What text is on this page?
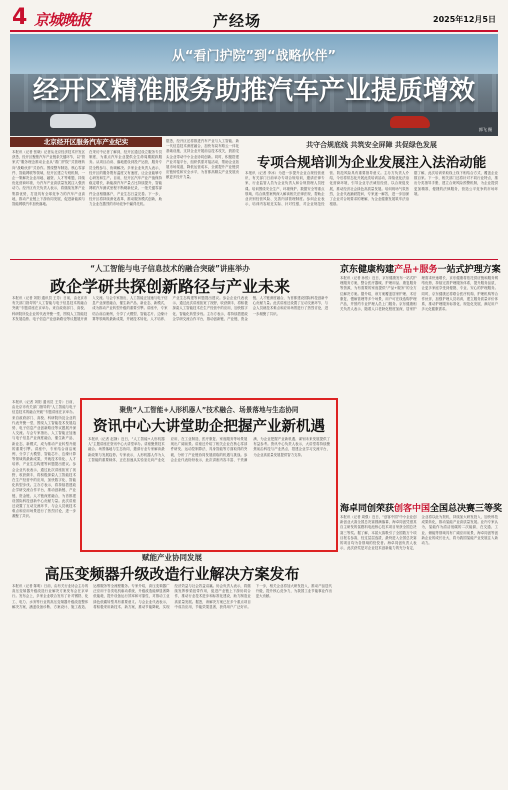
4 京城晚报	产经场	2025年12月5日
从“看门护院”到“战略伙伴”
经开区精准服务助推汽车产业提质增效
郭飞 摄
北京经开区服务汽车产业纪实
本报讯（记者 张晓）记者从北京经济技术开发区获悉，经开区聚焦汽车产业链条关键环节，以“管家式”服务理念推动企业从“看门护院”式管理转向“战略伙伴”式协作。围绕整车制造、核心零部件、智能网联等领域，经开区建立专班机制，一企一策解决企业用地、融资、人才等难题，持续优化营商环境，为汽车产业高质量发展注入强劲动力。经开区有关负责人表示，将继续发挥产业集群优势，打造具有全球竞争力的汽车产业高地，推动产业链上下游协同发展，促进新能源与智能网联汽车加快落地。
在采访中记者了解到，经开区通过设立服务专员制度，为重点汽车企业提供全生命周期跟踪服务。从项目洽谈、落地建设到投产运营，服务专员全程参与、协调解决。多家企业负责人表示，经开区的服务既有温度又有速度，让企业能够专心研发和生产。目前，经开区汽车产业产值保持稳定增长，新能源汽车产量占比持续提升，智能网联汽车测试里程不断刷新纪录，一批关键零部件企业相继落户，产业生态日益完善。下一步，经开区将持续深化改革，推动服务模式创新，助力企业在激烈的市场竞争中赢得先机。
据悉，经开区还将推进汽车产业与人工智能、新一代信息技术深度融合，加快布局车路云一体化基础设施，支持企业开展前沿技术攻关，鼓励龙头企业带动中小企业协同创新。同时，积极搭建产业对接平台，组织供需对接活动，帮助企业拓展市场渠道，降低运营成本，全面提升产业链供应链韧性和安全水平，为首都高精尖产业发展贡献更多经开力量。
共守合规底线 共筑安全屏障 共促绿色发展
专项合规培训为企业发展注入法治动能
本报讯（记者 李冰）为进一步提升企业合规经营意识，有关部门日前举办专项合规培训，邀请法律专家、行业监管人员为企业负责人和合规管理人员授课。培训围绕安全生产、环境保护、数据安全等重点领域，结合典型案例深入解读相关法律法规，帮助企业识别经营风险、完善内部管理制度。参训企业表示，培训内容贴近实际、针对性强，对企业规范经营、防范风险具有重要指导意义。主办方负责人介绍，今后将常态化开展此类培训活动，持续优化法治化营商环境，引导企业守法诚信经营，以合规促发展，推动经济社会绿色高质量发展。培训现场气氛热烈，企业代表踊跃提问，专家逐一解答，进一步加深了企业对合规要求的理解，为企业健康发展筑牢法治根基。
据了解，此次培训采取线上线下相结合方式，覆盖企业数百家。下一步，相关部门还将针对不同行业特点，推出分类指导手册，建立合规风险预警机制，为企业提供更加精准、便捷的法律服务，营造公平竞争的市场环境。
“人工智能与电子信息技术的融合突破”讲座举办
政企学研共探创新路径与产业未来
本报讯（记者 刘阳 通讯员 王芳）日前，由北京市有关部门指导的“人工智能与电子信息技术的融合突破”专题讲座在京举办。来自政府部门、高校、科研院所及企业的代表齐聚一堂，围绕人工智能技术发展趋势、电子信息产业创新路径等议题展开深入交流。与会专家指出，人工智能正加速与电子信息产业深度融合，催生新产品、新业态、新模式，成为推动产业转型升级的重要引擎。讲座中，专家结合前沿案例，分享了大模型、智能芯片、边缘计算等领域的最新成果，并就技术转化、人才培养、产业生态构建等问题提出建议。参会企业代表表示，通过此次讲座拓宽了视野，收获颇丰，将积极探索人工智能技术在生产经营中的应用，加快数字化、智能化转型步伐。主办方表示，将持续搭建政企学研交流合作平台，推动创新链、产业链、资金链、人才链深度融合，为首都建设国际科技创新中心贡献力量。此次讲座还设置了互动交流环节，与会人员就技术难点和应用场景进行了热烈讨论，进一步凝聚了共识。
聚焦“人工智能+人形机器人”技术融合、场景落地与生态协同
资讯中心大讲堂助企把握产业新机遇
本报讯（记者 赵静）近日，“人工智能+人形机器人”主题讲座在资讯中心大讲堂举办。讲座聚焦技术融合、场景落地与生态协同，邀请行业专家解读最新政策与发展趋势。专家表示，人形机器人作为人工智能的重要载体，正在加速从实验室走向产业化应用，在工业制造、医疗康复、家庭服务等场景展现出广阔前景。讲座还介绍了相关企业在核心零部件研发、运动控制算法、具身智能等方面取得的突破，分析了产业链协同发展面临的机遇与挑战。参会企业代表纷纷表示，此次讲座内容丰富、干货满满，为企业把握产业新机遇、谋划未来发展提供了有益参考。资讯中心负责人表示，大讲堂将持续聚焦前沿科技与产业热点，搭建企业学习交流平台，为企业高质量发展提供智力支持。
本报讯（记者 刘阳 通讯员 王芳）日前，由北京市有关部门指导的“人工智能与电子信息技术的融合突破”专题讲座在京举办。来自政府部门、高校、科研院所及企业的代表齐聚一堂，围绕人工智能技术发展趋势、电子信息产业创新路径等议题展开深入交流。与会专家指出，人工智能正加速与电子信息产业深度融合，催生新产品、新业态、新模式，成为推动产业转型升级的重要引擎。讲座中，专家结合前沿案例，分享了大模型、智能芯片、边缘计算等领域的最新成果，并就技术转化、人才培养、产业生态构建等问题提出建议。参会企业代表表示，通过此次讲座拓宽了视野，收获颇丰，将积极探索人工智能技术在生产经营中的应用，加快数字化、智能化转型步伐。主办方表示，将持续搭建政企学研交流合作平台，推动创新链、产业链、资金链、人才链深度融合，为首都建设国际科技创新中心贡献力量。此次讲座还设置了互动交流环节，与会人员就技术难点和应用场景进行了热烈讨论，进一步凝聚了共识。
赋能产业协同发展
高压变频器升级改造行业解决方案发布
本报讯（记者 陈明）日前，由有关行业协会主办的高压变频器升级改造行业解决方案发布会在京举行。发布会上，多家企业联合发布了针对钢铁、化工、电力、水务等行业的高压变频器升级改造整体解决方案，涵盖设备诊断、方案设计、施工改造、运维服务等全流程服务。专家介绍，高压变频器广泛应用于各类电机驱动系统，升级改造能够显著降低能耗、提升设备运行效率和可靠性，对推动工业绿色低碳转型具有重要意义。与会企业代表表示，将积极采用新技术、新方案，推动节能降耗，实现经济效益与社会效益双赢。协会负责人表示，将继续发挥桥梁纽带作用，促进产业链上下游协同合作，推动行业技术进步和标准化建设，助力制造业高质量发展。据悉，该解决方案已在多个重点项目中成功应用，节能效果显著，获得用户广泛好评。下一步，相关企业将加大研发投入，推动产品迭代升级，提升核心竞争力，为我国工业节能事业作出更大贡献。
京东健康构建产品+服务一站式护理方案
本报讯（记者 孙悦）近日，京东健康发布一站式护理服务方案，整合医疗器械、护理用品、康复服务等资源，为有需要的家庭提供“产品+服务”的全方位解决方案。据介绍，该方案覆盖居家护理、术后康复、慢病管理等多个场景，用户可在线选购护理产品，并预约专业护理人员上门服务。京东健康相关负责人表示，随着人口老龄化程度加深，居家护理需求快速增长，京东健康将依托供应链和服务网络优势，持续完善护理服务体系，提升服务品质，让更多家庭享受到便捷、专业、安心的护理服务。同时，京东健康还将联合医疗机构、护理机构等合作伙伴，加强护理人员培训，建立服务质量评价体系，推动护理服务标准化、规范化发展，满足用户多元化健康需求。
海卓同创荣获创客中国全国总决赛三等奖
本报讯（记者 周强）近日，“创客中国”中小企业创新创业大赛全国总决赛圆满落幕，海卓同创凭借其自主研发的氢燃料电池核心技术项目荣获全国总决赛三等奖。据了解，本届大赛吸引了全国数万个项目报名参赛，经过层层选拔，最终进入全国总决赛的项目均为各领域的佼佼者。海卓同创负责人表示，此次获奖是对企业技术创新能力的充分肯定，企业将以此为契机，持续加大研发投入，加快科技成果转化，推动氢能产业高质量发展。业内专家认为，氢能作为清洁低碳的二次能源，在交通、工业、储能等领域具有广阔应用前景，海卓同创等创新企业的成长壮大，将为我国氢能产业发展注入新动力。
